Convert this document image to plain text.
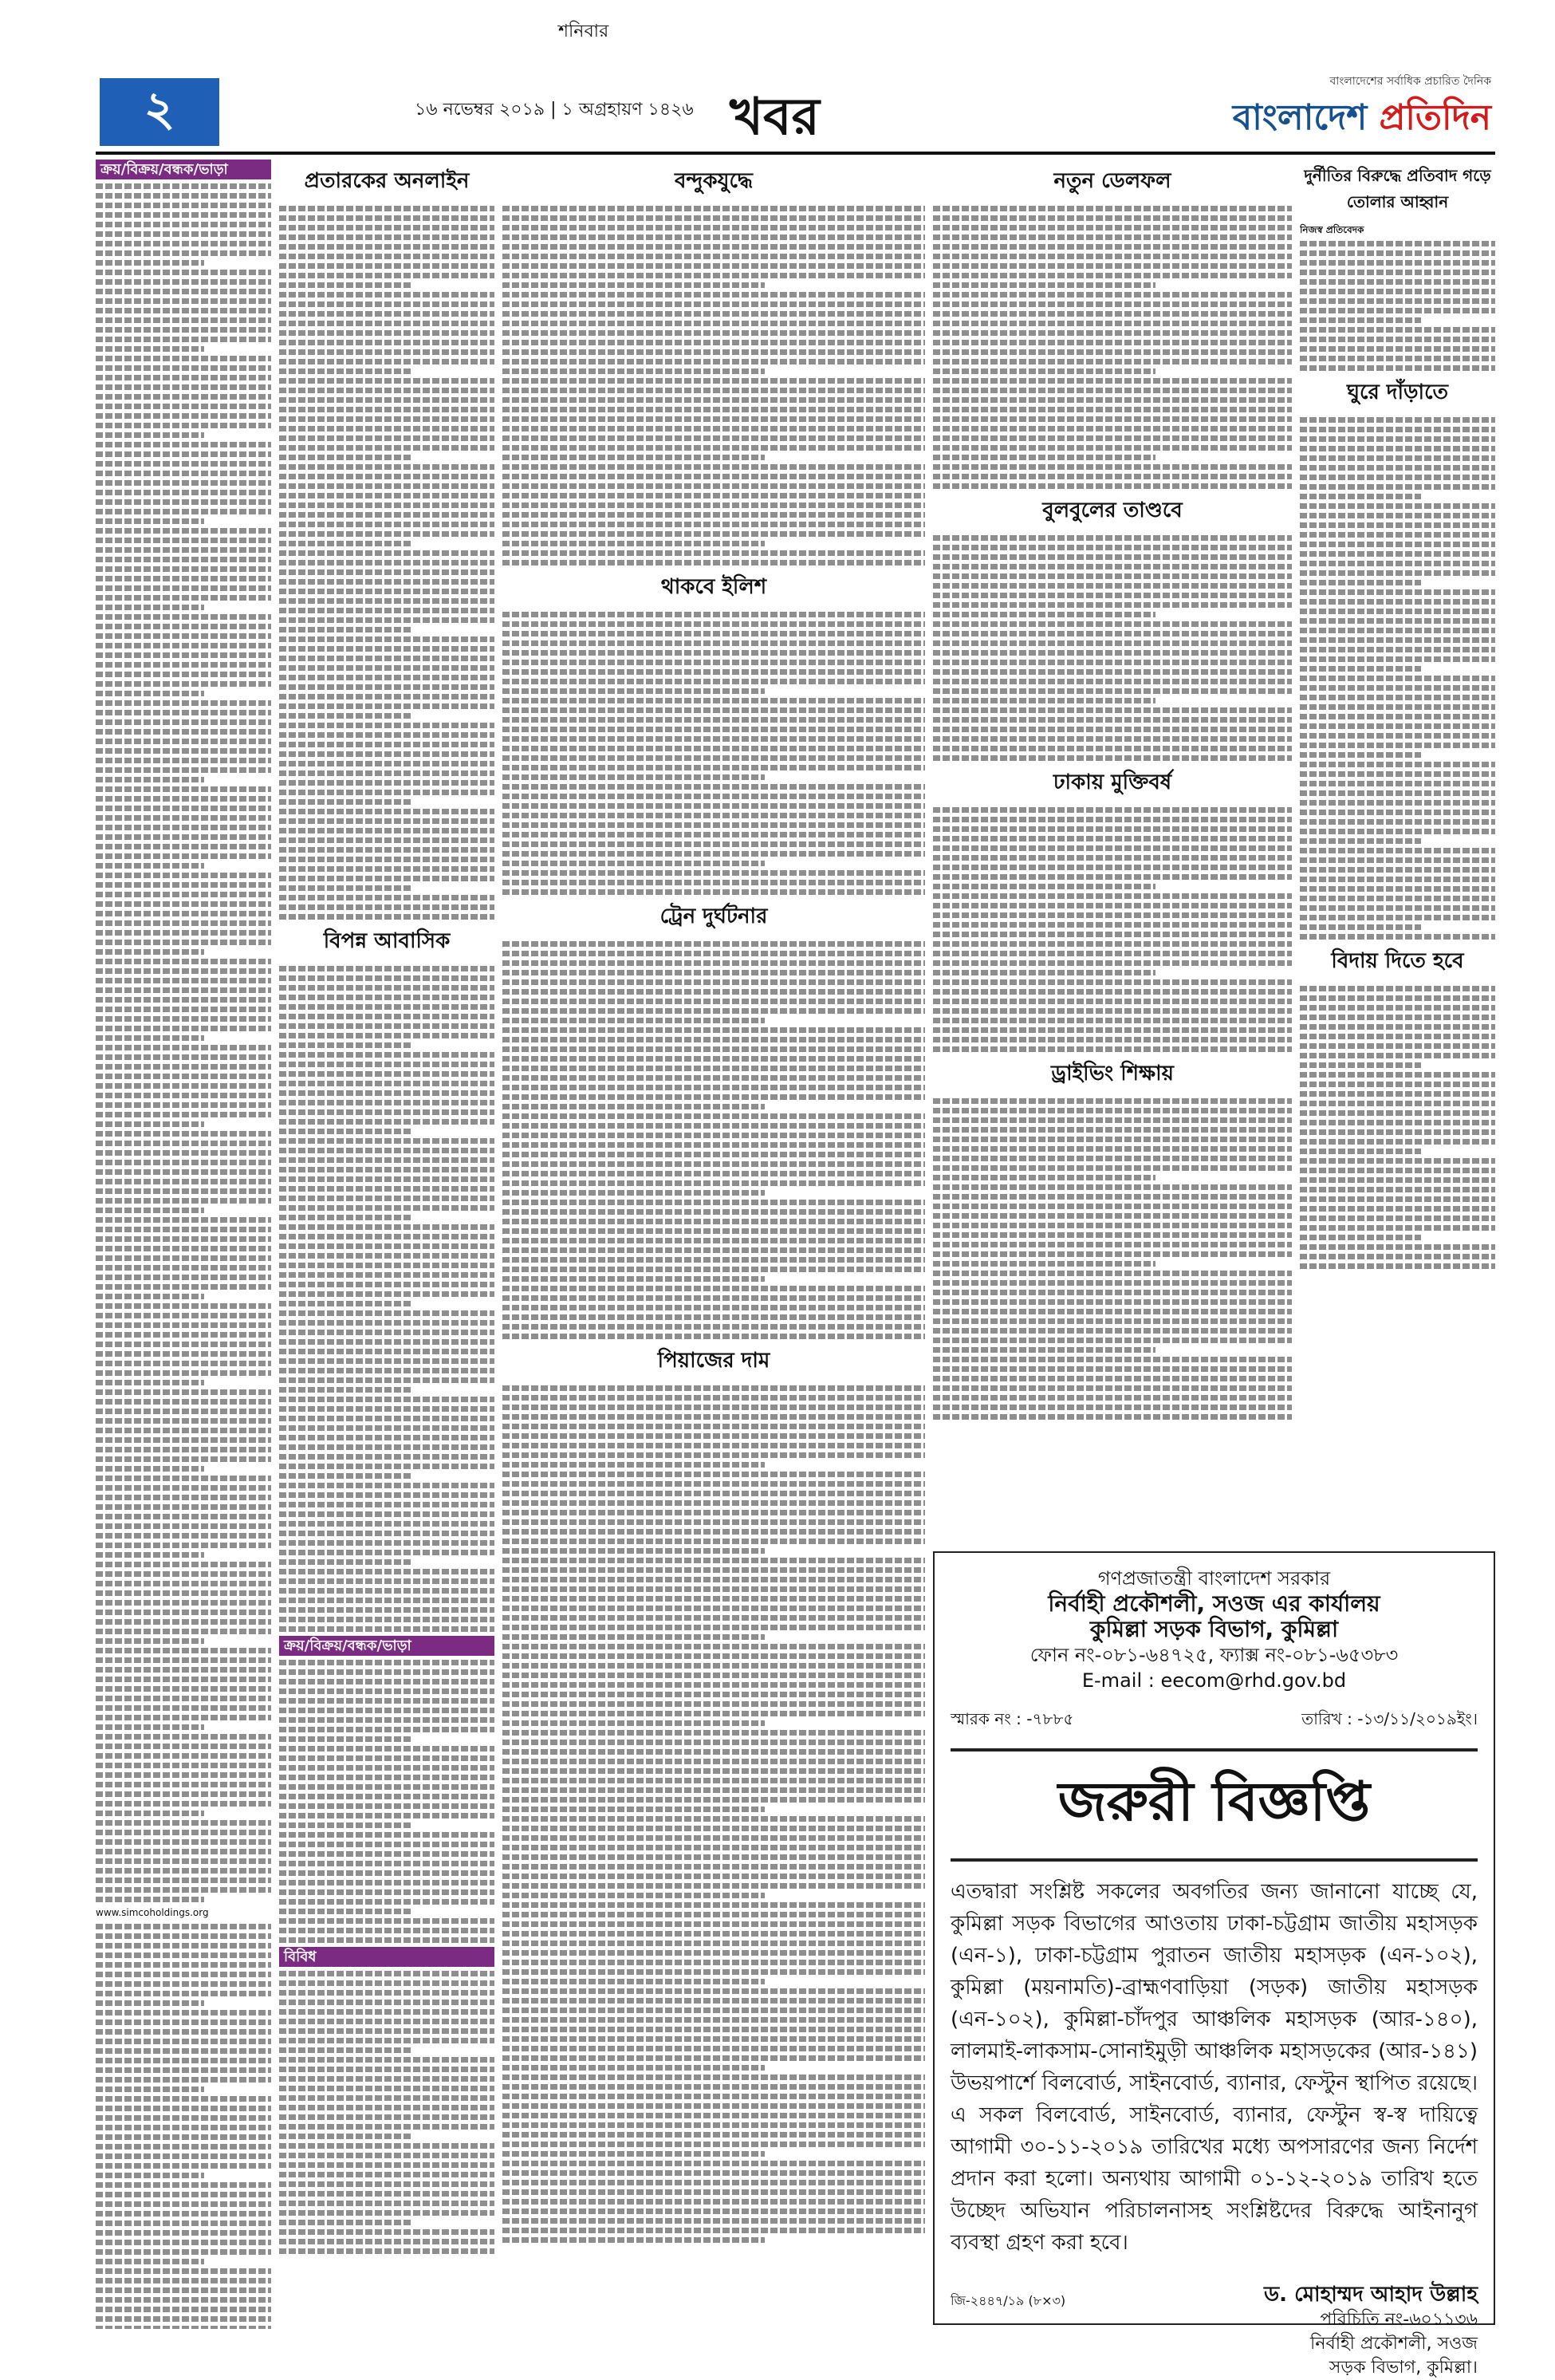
২
শনিবার
১৬ নভেম্বর ২০১৯ | ১ অগ্রহায়ণ ১৪২৬ খবর
বাংলাদেশের সর্বাধিক প্রচারিত দৈনিক
বাংলাদেশ প্রতিদিন
ক্রয়/বিক্রয়/বন্ধক/ভাড়া
www.simcoholdings.org
প্রতারকের অনলাইন
বিপন্ন আবাসিক
ক্রয়/বিক্রয়/বন্ধক/ভাড়া
বিবিধ
বন্দুকযুদ্ধে
থাকবে ইলিশ
ট্রেন দুর্ঘটনার
পিয়াজের দাম
নতুন ডেলফল
বুলবুলের তাণ্ডবে
ঢাকায় মুক্তিবর্ষ
ড্রাইভিং শিক্ষায়
দুর্নীতির বিরুদ্ধে প্রতিবাদ গড়ে তোলার আহ্বান
নিজস্ব প্রতিবেদক
ঘুরে দাঁড়াতে
বিদায় দিতে হবে
গণপ্রজাতন্ত্রী বাংলাদেশ সরকার
নির্বাহী প্রকৌশলী, সওজ এর কার্যালয়
কুমিল্লা সড়ক বিভাগ, কুমিল্লা
ফোন নং-০৮১-৬৪৭২৫, ফ্যাক্স নং-০৮১-৬৫৩৮৩
E-mail : eecom@rhd.gov.bd
স্মারক নং : -৭৮৮৫	তারিখ : -১৩/১১/২০১৯ইং।
জরুরী বিজ্ঞপ্তি
এতদ্বারা সংশ্লিষ্ট সকলের অবগতির জন্য জানানো যাচ্ছে যে, কুমিল্লা সড়ক বিভাগের আওতায় ঢাকা-চট্টগ্রাম জাতীয় মহাসড়ক (এন-১), ঢাকা-চট্টগ্রাম পুরাতন জাতীয় মহাসড়ক (এন-১০২), কুমিল্লা (ময়নামতি)-ব্রাহ্মণবাড়িয়া (সড়ক) জাতীয় মহাসড়ক (এন-১০২), কুমিল্লা-চাঁদপুর আঞ্চলিক মহাসড়ক (আর-১৪০), লালমাই-লাকসাম-সোনাইমুড়ী আঞ্চলিক মহাসড়কের (আর-১৪১) উভয়পার্শে বিলবোর্ড, সাইনবোর্ড, ব্যানার, ফেস্টুন স্থাপিত রয়েছে। এ সকল বিলবোর্ড, সাইনবোর্ড, ব্যানার, ফেস্টুন স্ব-স্ব দায়িত্বে আগামী ৩০-১১-২০১৯ তারিখের মধ্যে অপসারণের জন্য নির্দেশ প্রদান করা হলো। অন্যথায় আগামী ০১-১২-২০১৯ তারিখ হতে উচ্ছেদ অভিযান পরিচালনাসহ সংশ্লিষ্টদের বিরুদ্ধে আইনানুগ ব্যবস্থা গ্রহণ করা হবে।
ড. মোহাম্মদ আহাদ উল্লাহ
পরিচিতি নং-৬০১১৩৬
নির্বাহী প্রকৌশলী, সওজ
সড়ক বিভাগ, কুমিল্লা।
জি-২৪৪৭/১৯ (৮×৩)
